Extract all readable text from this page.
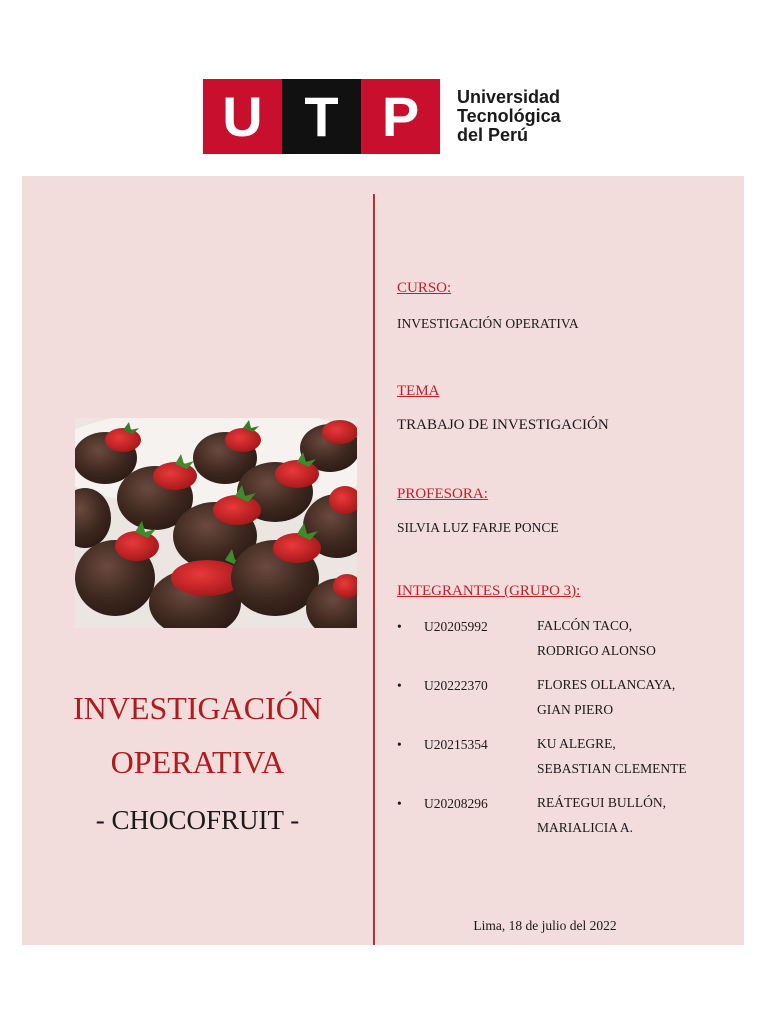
U T P	Universidad
Tecnológica
del Perú
INVESTIGACIÓN
OPERATIVA
- CHOCOFRUIT -
CURSO:
INVESTIGACIÓN OPERATIVA
TEMA
TRABAJO DE INVESTIGACIÓN
PROFESORA:
SILVIA LUZ FARJE PONCE
INTEGRANTES (GRUPO 3):
• U20205992	FALCÓN TACO,
RODRIGO ALONSO
• U20222370	FLORES OLLANCAYA,
GIAN PIERO
• U20215354	KU ALEGRE,
SEBASTIAN CLEMENTE
• U20208296	REÁTEGUI BULLÓN,
MARIALICIA A.
Lima, 18 de julio del 2022
